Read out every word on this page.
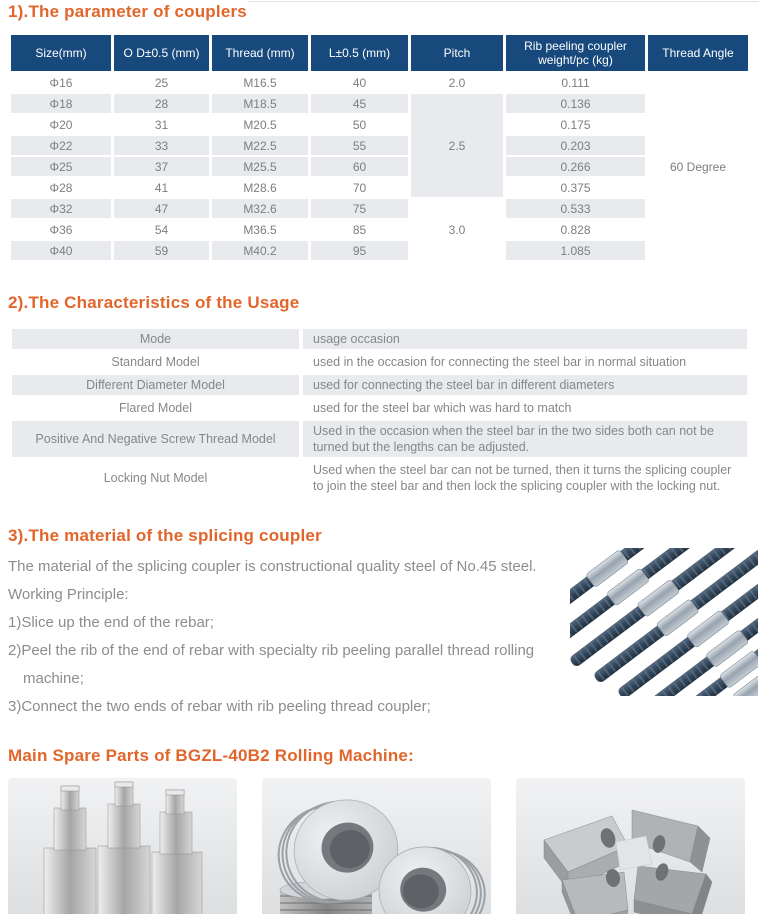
1).The parameter of couplers
Size(mm)	O D±0.5 (mm)	Thread (mm)	L±0.5 (mm)	Pitch	Rib peeling coupler weight/pc (kg)	Thread Angle
Φ16	25	M16.5	40	2.0	0.111	60 Degree
Φ18	28	M18.5	45	2.5	0.136	
Φ20	31	M20.5	50		0.175	
Φ22	33	M22.5	55		0.203	
Φ25	37	M25.5	60		0.266	
Φ28	41	M28.6	70		0.375	
Φ32	47	M32.6	75	3.0	0.533	
Φ36	54	M36.5	85		0.828	
Φ40	59	M40.2	95		1.085	
2).The Characteristics of the Usage
Mode	usage occasion
Standard Model	used in the occasion for connecting the steel bar in normal situation
Different Diameter Model	used for connecting the steel bar in different diameters
Flared Model	used for the steel bar which was hard to match
Positive And Negative Screw Thread Model	Used in the occasion when the steel bar in the two sides both can not be turned but the lengths can be adjusted.
Locking Nut Model	Used when the steel bar can not be turned, then it turns the splicing coupler to join the steel bar and then lock the splicing coupler with the locking nut.
3).The material of the splicing coupler
The material of the splicing coupler is constructional quality steel of No.45 steel.
Working Principle:
1)Slice up the end of the rebar;
2)Peel the rib of the end of rebar with specialty rib peeling parallel thread rolling
machine;
3)Connect the two ends of rebar with rib peeling thread coupler;
Main Spare Parts of BGZL-40B2 Rolling Machine:
